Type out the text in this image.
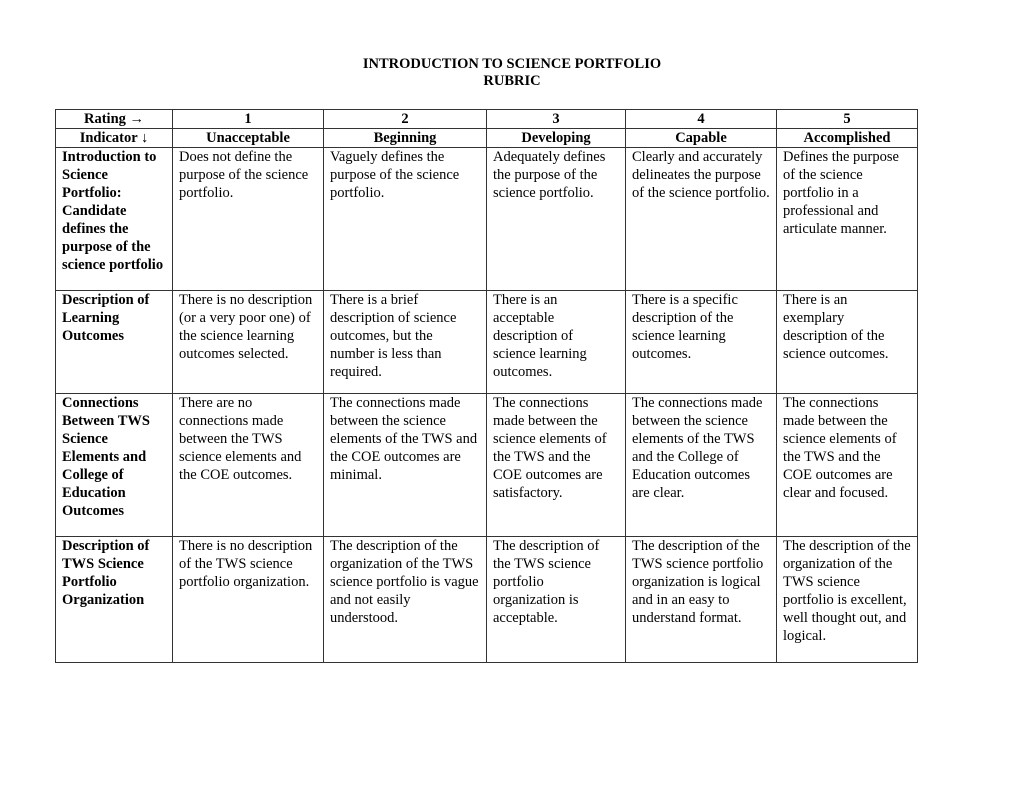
INTRODUCTION TO SCIENCE PORTFOLIO
RUBRIC
Rating →	1	2	3	4	5
Indicator ↓	Unacceptable	Beginning	Developing	Capable	Accomplished
Introduction to Science Portfolio: Candidate defines the purpose of the science portfolio	Does not define the purpose of the science portfolio.	Vaguely defines the purpose of the science portfolio.	Adequately defines the purpose of the science portfolio.	Clearly and accurately delineates the purpose of the science portfolio.	Defines the purpose of the science portfolio in a professional and articulate manner.
Description of Learning Outcomes	There is no description (or a very poor one) of the science learning outcomes selected.	There is a brief description of science outcomes, but the number is less than required.	There is an acceptable description of science learning outcomes.	There is a specific description of the science learning outcomes.	There is an exemplary description of the science outcomes.
Connections Between TWS Science Elements and College of Education Outcomes	There are no connections made between the TWS science elements and the COE outcomes.	The connections made between the science elements of the TWS and the COE outcomes are minimal.	The connections made between the science elements of the TWS and the COE outcomes are satisfactory.	The connections made between the science elements of the TWS and the College of Education outcomes are clear.	The connections made between the science elements of the TWS and the COE outcomes are clear and focused.
Description of TWS Science Portfolio Organization	There is no description of the TWS science portfolio organization.	The description of the organization of the TWS science portfolio is vague and not easily understood.	The description of the TWS science portfolio organization is acceptable.	The description of the TWS science portfolio organization is logical and in an easy to understand format.	The description of the organization of the TWS science portfolio is excellent, well thought out, and logical.
